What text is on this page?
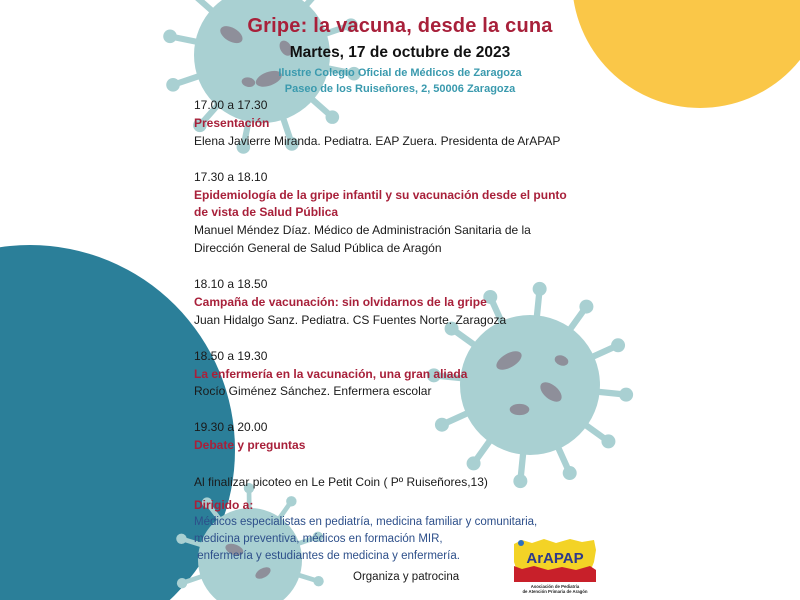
Gripe: la vacuna, desde la cuna
Martes, 17 de octubre de 2023
Ilustre Colegio Oficial de Médicos de Zaragoza
Paseo de los Ruiseñores, 2, 50006 Zaragoza
17.00 a 17.30
Presentación
Elena Javierre Miranda. Pediatra. EAP Zuera. Presidenta de ArAPAP
17.30 a 18.10
Epidemiología de la gripe infantil y su vacunación desde el punto
de vista de Salud Pública
Manuel Méndez Díaz. Médico de Administración Sanitaria de la
Dirección General de Salud Pública de Aragón
18.10 a 18.50
Campaña de vacunación: sin olvidarnos de la gripe
Juan Hidalgo Sanz. Pediatra. CS Fuentes Norte. Zaragoza
18.50 a 19.30
La enfermería en la vacunación, una gran aliada
Rocío Giménez Sánchez. Enfermera escolar
19.30 a 20.00
Debate y preguntas
Al finalizar picoteo en Le Petit Coin ( Pº Ruiseñores,13)
Dirigido a:
Médicos especialistas en pediatría, medicina familiar y comunitaria,
medicina preventiva, médicos en formación MIR,
enfermería y estudiantes de medicina y enfermería.
Organiza y patrocina
ArAPAP
Asociación de Pediatría
de Atención Primaria de Aragón
